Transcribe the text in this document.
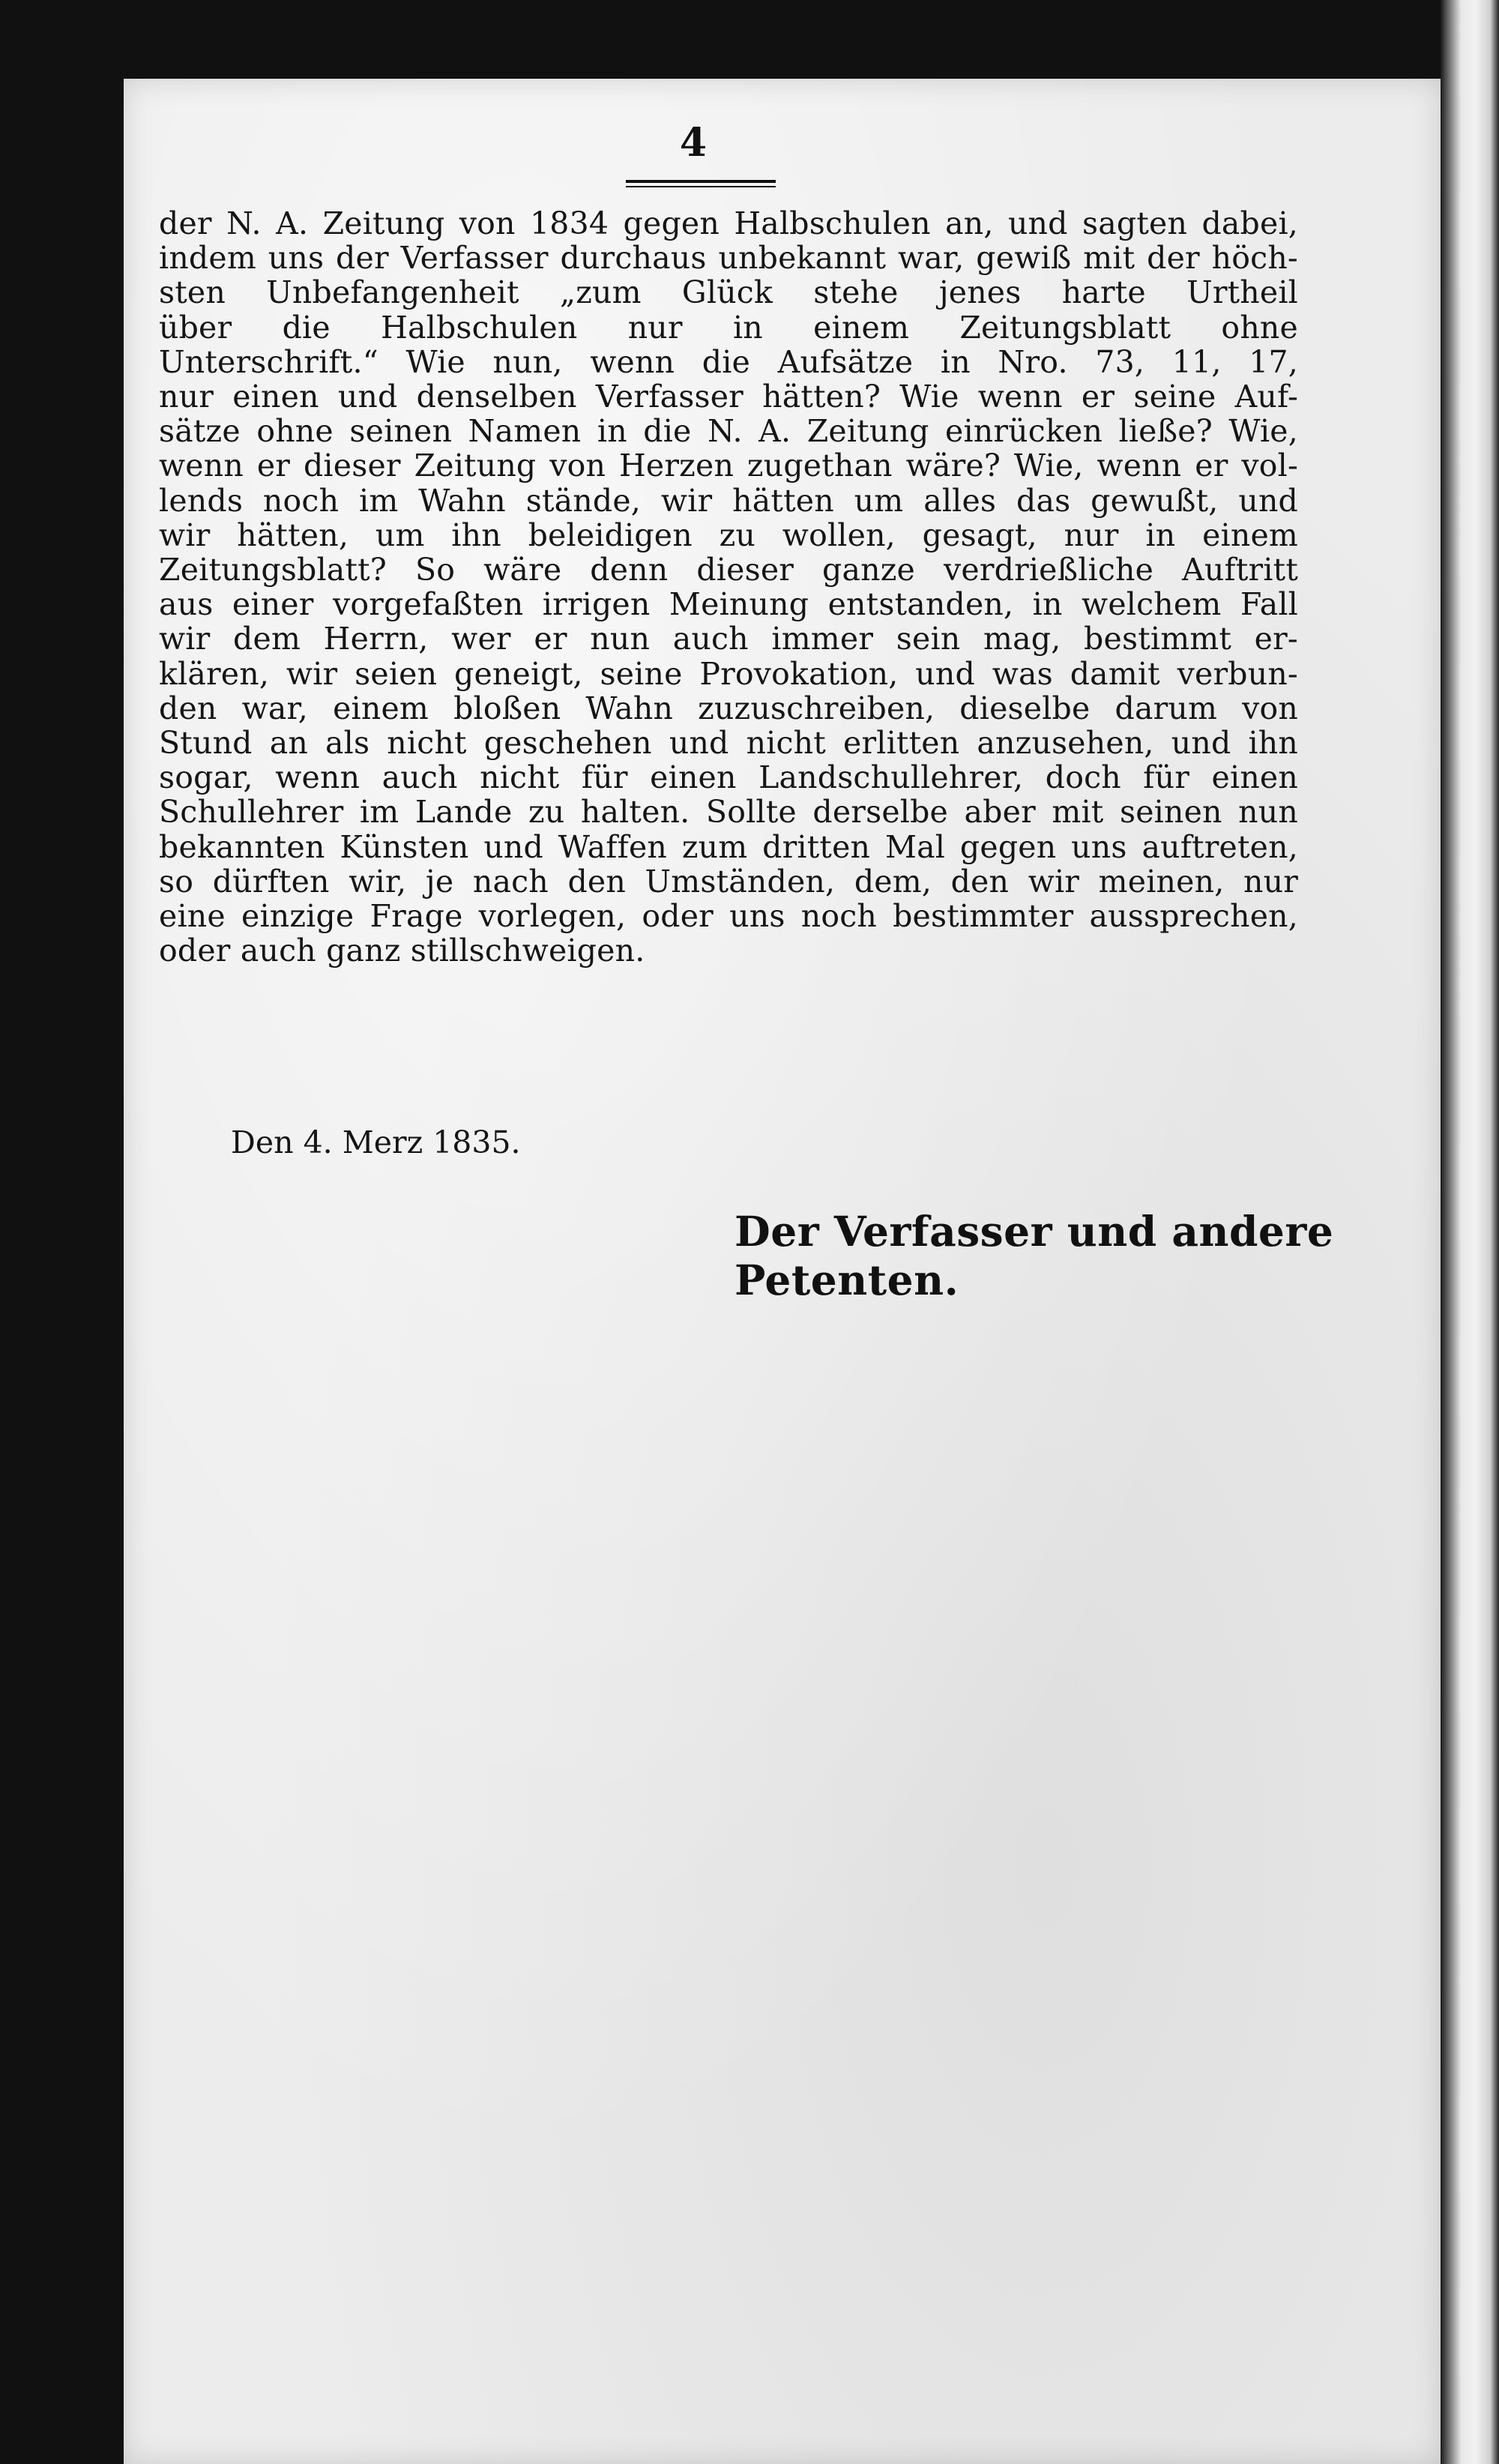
4
der N. A. Zeitung von 1834 gegen Halbschulen an, und sagten dabei,
indem uns der Verfasser durchaus unbekannt war, gewiß mit der höch-
sten Unbefangenheit „zum Glück stehe jenes harte Urtheil
über die Halbschulen nur in einem Zeitungsblatt ohne
Unterschrift.“ Wie nun, wenn die Aufsätze in Nro. 73, 11, 17,
nur einen und denselben Verfasser hätten? Wie wenn er seine Auf-
sätze ohne seinen Namen in die N. A. Zeitung einrücken ließe? Wie,
wenn er dieser Zeitung von Herzen zugethan wäre? Wie, wenn er vol-
lends noch im Wahn stände, wir hätten um alles das gewußt, und
wir hätten, um ihn beleidigen zu wollen, gesagt, nur in einem
Zeitungsblatt? So wäre denn dieser ganze verdrießliche Auftritt
aus einer vorgefaßten irrigen Meinung entstanden, in welchem Fall
wir dem Herrn, wer er nun auch immer sein mag, bestimmt er-
klären, wir seien geneigt, seine Provokation, und was damit verbun-
den war, einem bloßen Wahn zuzuschreiben, dieselbe darum von
Stund an als nicht geschehen und nicht erlitten anzusehen, und ihn
sogar, wenn auch nicht für einen Landschullehrer, doch für einen
Schullehrer im Lande zu halten. Sollte derselbe aber mit seinen nun
bekannten Künsten und Waffen zum dritten Mal gegen uns auftreten,
so dürften wir, je nach den Umständen, dem, den wir meinen, nur
eine einzige Frage vorlegen, oder uns noch bestimmter aussprechen,
oder auch ganz stillschweigen.
Den 4. Merz 1835.
Der Verfasser und andere Petenten.
